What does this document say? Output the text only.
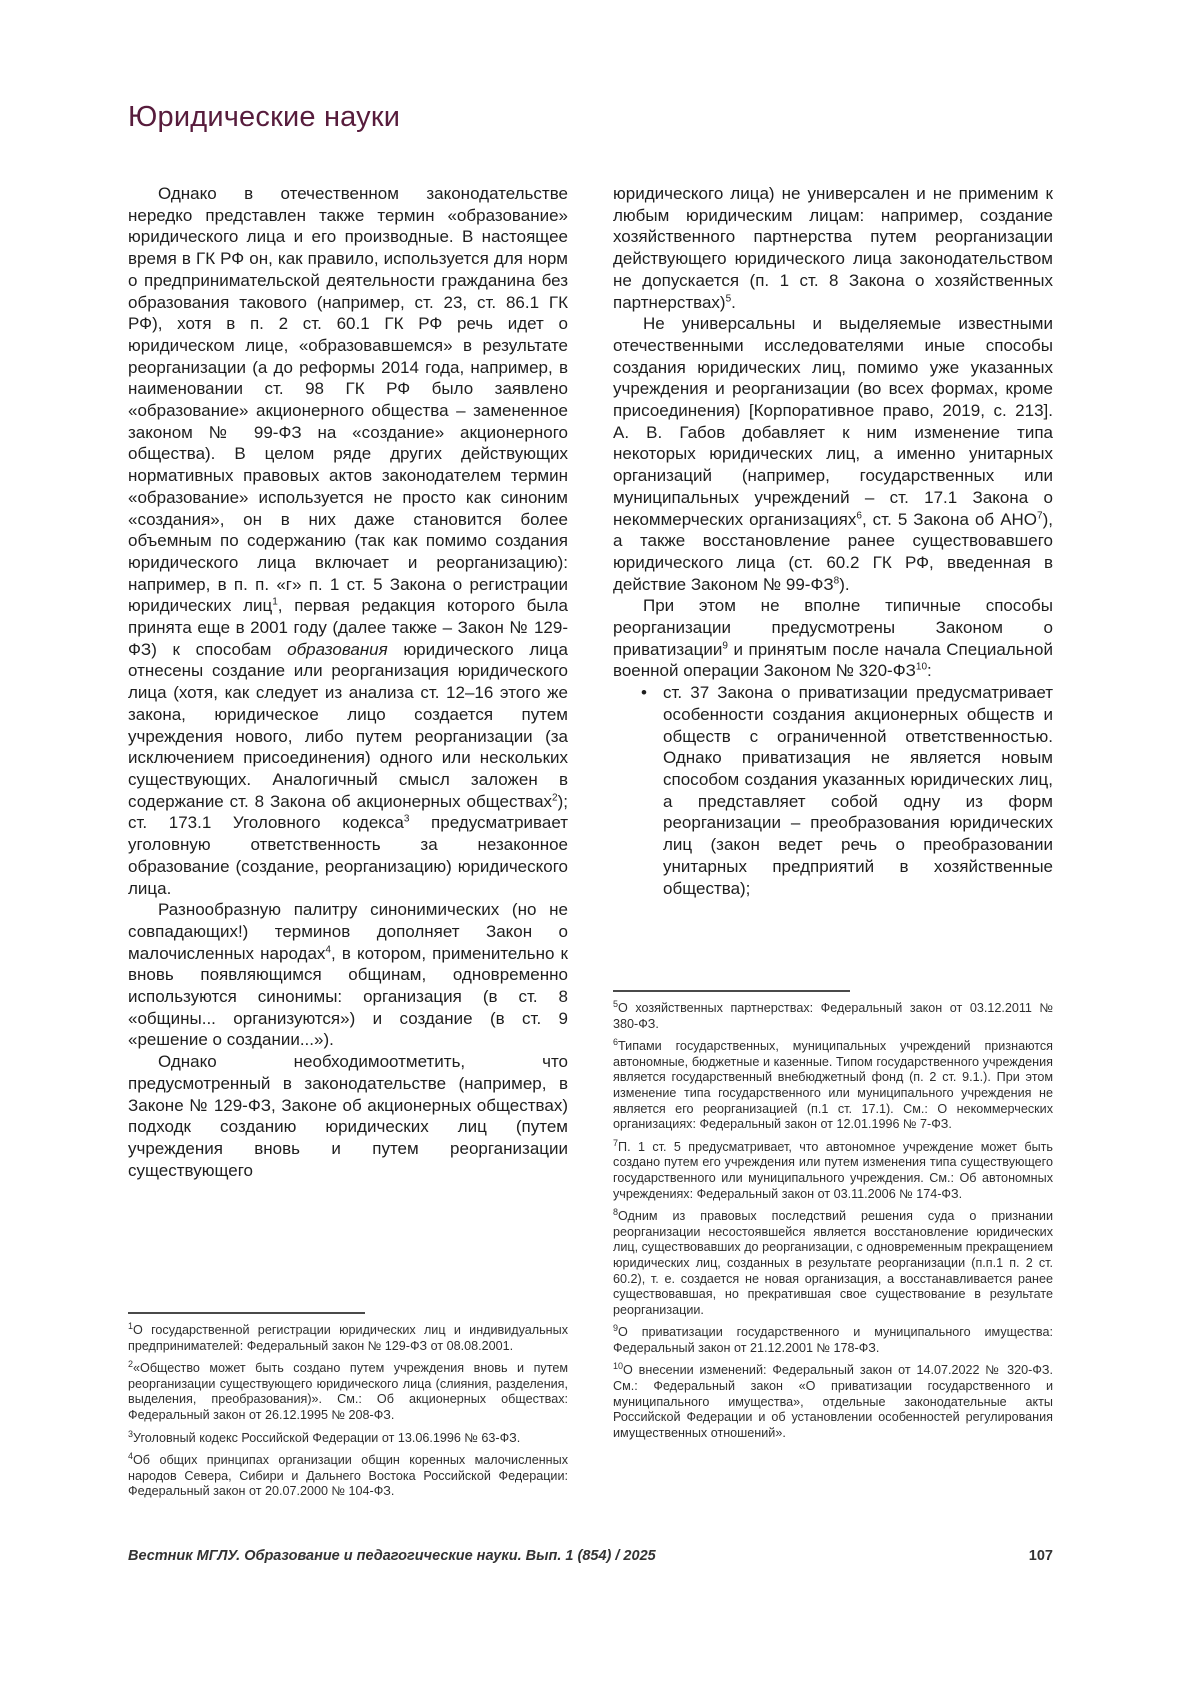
Юридические науки

Однако в отечественном законодательстве нередко представлен также термин «образование» юридического лица и его производные. В настоящее время в ГК РФ он, как правило, используется для норм о предпринимательской деятельности гражданина без образования такового (например, ст. 23, ст. 86.1 ГК РФ), хотя в п. 2 ст. 60.1 ГК РФ речь идет о юридическом лице, «образовавшемся» в результате реорганизации (а до реформы 2014 года, например, в наименовании ст. 98 ГК РФ было заявлено «образование» акционерного общества – замененное законом № 99-ФЗ на «создание» акционерного общества). В целом ряде других действующих нормативных правовых актов законодателем термин «образование» используется не просто как синоним «создания», он в них даже становится более объемным по содержанию (так как помимо создания юридического лица включает и реорганизацию): например, в п. п. «г» п. 1 ст. 5 Закона о регистрации юридических лиц$^1$, первая редакция которого была принята еще в 2001 году (далее также – Закон № 129-ФЗ) к способам образования юридического лица отнесены создание или реорганизация юридического лица (хотя, как следует из анализа ст. 12–16 этого же закона, юридическое лицо создается путем учреждения нового, либо путем реорганизации (за исключением присоединения) одного или нескольких существующих. Аналогичный смысл заложен в содержание ст. 8 Закона об акционерных обществах$^2$); ст. 173.1 Уголовного кодекса$^3$ предусматривает уголовную ответственность за незаконное образование (создание, реорганизацию) юридического лица.

Разнообразную палитру синонимических (но не совпадающих!) терминов дополняет Закон о малочисленных народах$^4$, в котором, применительно к вновь появляющимся общинам, одновременно используются синонимы: организация (в ст. 8 «общины... организуются») и создание (в ст. 9 «решение о создании...»).

Однако необходимоотметить, что предусмотренный в законодательстве (например, в Законе № 129-ФЗ, Законе об акционерных обществах) подходк созданию юридических лиц (путем учреждения вновь и путем реорганизации существующего

юридического лица) не универсален и не применим к любым юридическим лицам: например, создание хозяйственного партнерства путем реорганизации действующего юридического лица законодательством не допускается (п. 1 ст. 8 Закона о хозяйственных партнерствах)$^5$.

Не универсальны и выделяемые известными отечественными исследователями иные способы создания юридических лиц, помимо уже указанных учреждения и реорганизации (во всех формах, кроме присоединения) [Корпоративное право, 2019, с. 213]. А. В. Габов добавляет к ним изменение типа некоторых юридических лиц, а именно унитарных организаций (например, государственных или муниципальных учреждений – ст. 17.1 Закона о некоммерческих организациях$^6$, ст. 5 Закона об АНО$^7$), а также восстановление ранее существовавшего юридического лица (ст. 60.2 ГК РФ, введенная в действие Законом № $99-ФЗ^8$).

При этом не вполне типичные способы реорганизации предусмотрены Законом о приватизации$^9$ и принятым после начала Специальной военной операции Законом № 320-ФЗ$^{10}$:

• ст. 37 Закона о приватизации предусматривает особенности создания акционерных обществ и обществ с ограниченной ответственностью. Однако приватизация не является новым способом создания указанных юридических лиц, а представляет собой одну из форм реорганизации – преобразования юридических лиц (закон ведет речь о преобразовании унитарных предприятий в хозяйственные общества);

$^1$О государственной регистрации юридических лиц и индивидуальных предпринимателей: Федеральный закон № 129-ФЗ от 08.08.2001.

$^2$«Общество может быть создано путем учреждения вновь и путем реорганизации существующего юридического лица (слияния, разделения, выделения, преобразования)». См.: Об акционерных обществах: Федеральный закон от 26.12.1995 № 208-ФЗ.

$^3$Уголовный кодекс Российской Федерации от 13.06.1996 № 63-ФЗ.

$^4$Об общих принципах организации общин коренных малочисленных народов Севера, Сибири и Дальнего Востока Российской Федерации: Федеральный закон от 20.07.2000 № 104-ФЗ.

$^5$О хозяйственных партнерствах: Федеральный закон от 03.12.2011 № 380-ФЗ.

$^6$Типами государственных, муниципальных учреждений признаются автономные, бюджетные и казенные. Типом государственного учреждения является государственный внебюджетный фонд (п. 2 ст. 9.1.). При этом изменение типа государственного или муниципального учреждения не является его реорганизацией (п.1 ст. 17.1). См.: О некоммерческих организациях: Федеральный закон от 12.01.1996 № 7-ФЗ.

$^7$П. 1 ст. 5 предусматривает, что автономное учреждение может быть создано путем его учреждения или путем изменения типа существующего государственного или муниципального учреждения. См.: Об автономных учреждениях: Федеральный закон от 03.11.2006 № 174-ФЗ.

$^8$Одним из правовых последствий решения суда о признании реорганизации несостоявшейся является восстановление юридических лиц, существовавших до реорганизации, с одновременным прекращением юридических лиц, созданных в результате реорганизации (п.п.1 п. 2 ст. 60.2), т. е. создается не новая организация, а восстанавливается ранее существовавшая, но прекратившая свое существование в результате реорганизации.

$^9$О приватизации государственного и муниципального имущества: Федеральный закон от 21.12.2001 № 178-ФЗ.

$^{10}$О внесении изменений: Федеральный закон от 14.07.2022 № 320-ФЗ. См.: Федеральный закон «О приватизации государственного и муниципального имущества», отдельные законодательные акты Российской Федерации и об установлении особенностей регулирования имущественных отношений».

Вестник МГЛУ. Образование и педагогические науки. Вып. 1 (854) / 2025	107
